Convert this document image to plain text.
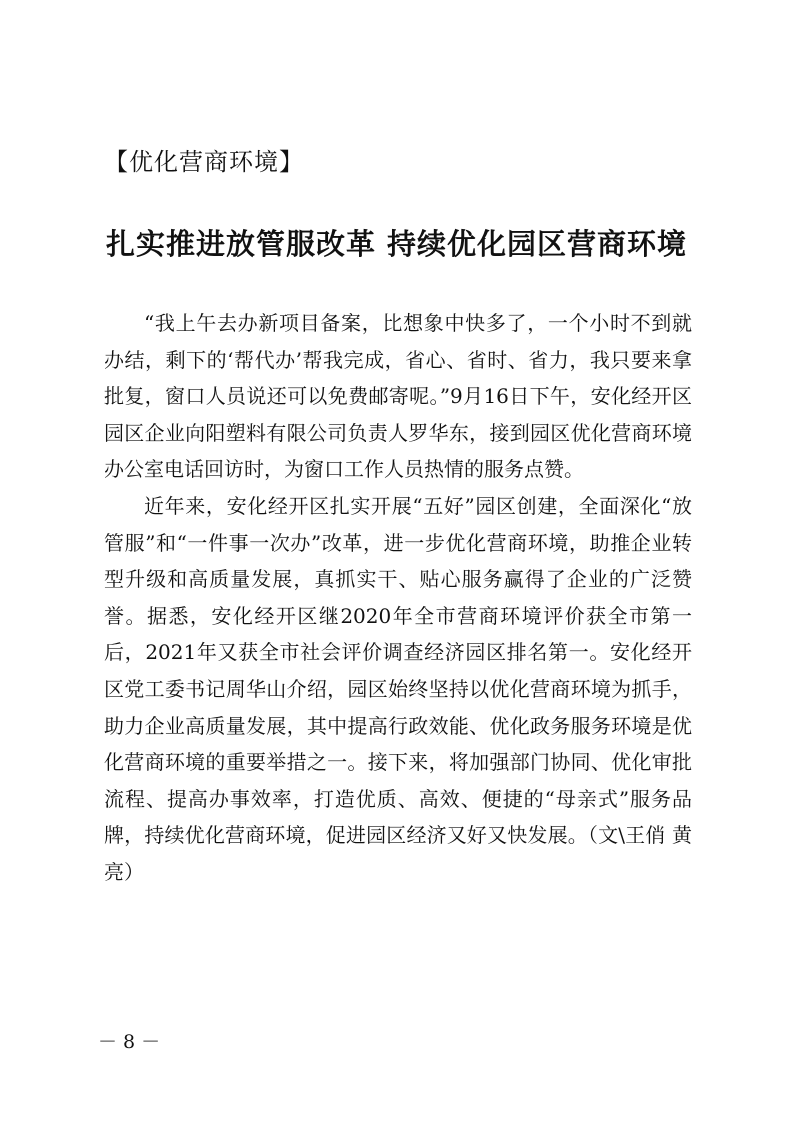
【优化营商环境】
扎实推进放管服改革 持续优化园区营商环境

“我上午去办新项目备案，比想象中快多了，一个小时不到就办结，剩下的‘帮代办’帮我完成，省心、省时、省力，我只要来拿批复，窗口人员说还可以免费邮寄呢。”9月16日下午，安化经开区园区企业向阳塑料有限公司负责人罗华东，接到园区优化营商环境办公室电话回访时，为窗口工作人员热情的服务点赞。

近年来，安化经开区扎实开展“五好”园区创建，全面深化“放管服”和“一件事一次办”改革，进一步优化营商环境，助推企业转型升级和高质量发展，真抓实干、贴心服务赢得了企业的广泛赞誉。据悉，安化经开区继2020年全市营商环境评价获全市第一后，2021年又获全市社会评价调查经济园区排名第一。安化经开区党工委书记周华山介绍，园区始终坚持以优化营商环境为抓手，助力企业高质量发展，其中提高行政效能、优化政务服务环境是优化营商环境的重要举措之一。接下来，将加强部门协同、优化审批流程、提高办事效率，打造优质、高效、便捷的“母亲式”服务品牌，持续优化营商环境，促进园区经济又好又快发展。（文\王俏 黄亮）

－ 8 －
